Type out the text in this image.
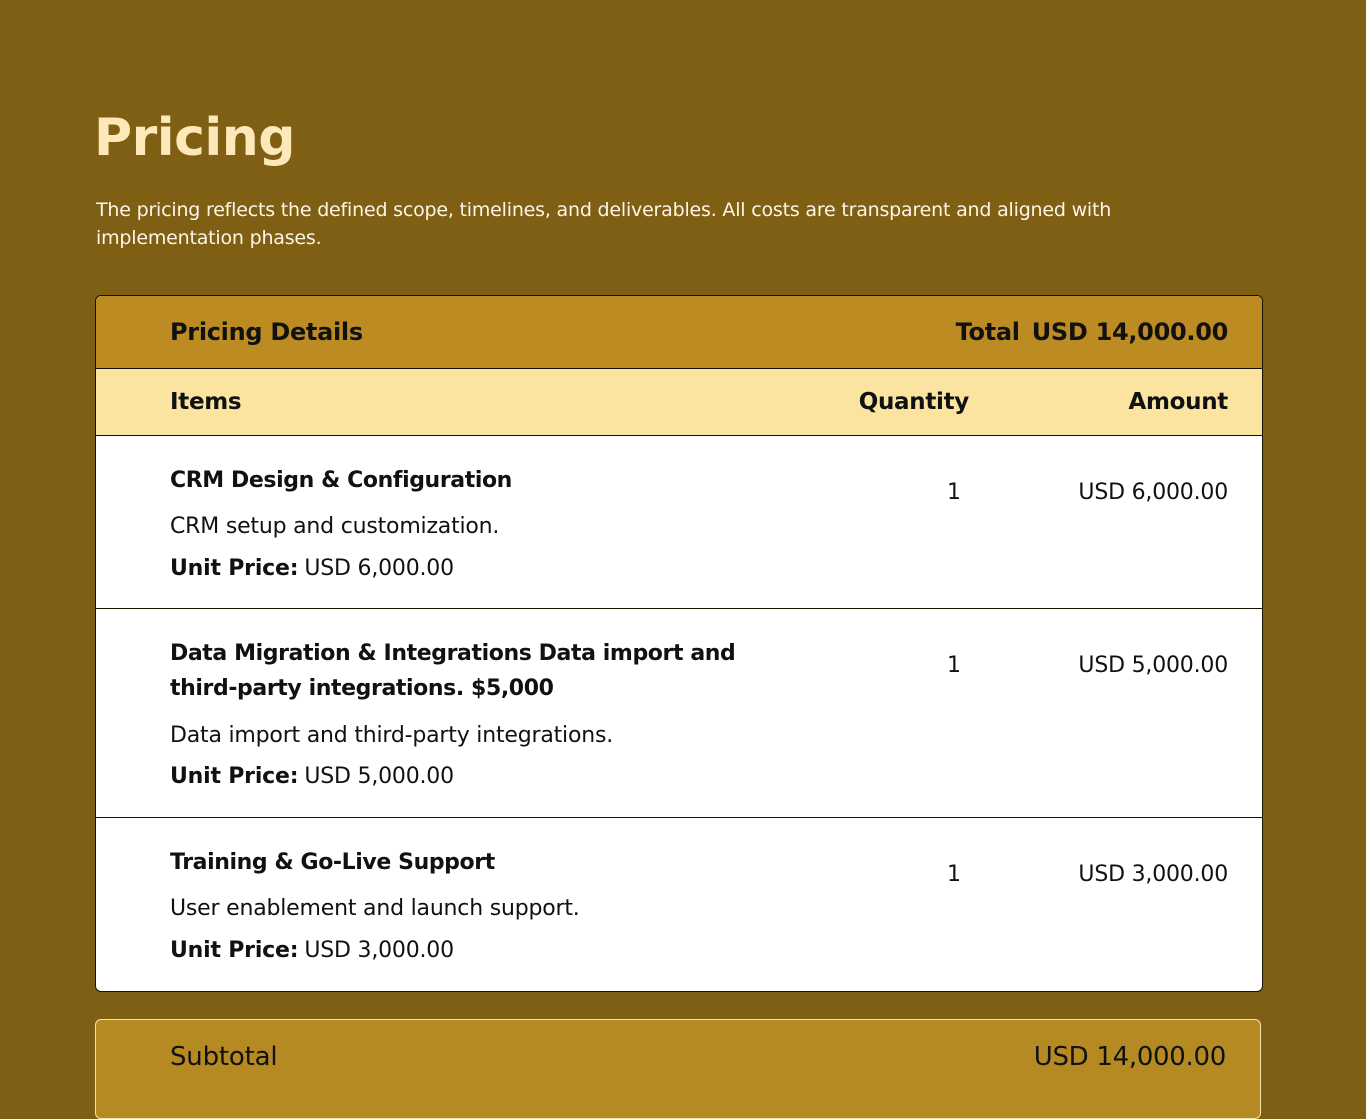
Pricing

The pricing reflects the defined scope, timelines, and deliverables. All costs are transparent and aligned with implementation phases.

Pricing Details	Total USD 14,000.00
Items	Quantity	Amount
CRM Design & Configuration
CRM setup and customization.
Unit Price: USD 6,000.00
1	USD 6,000.00
Data Migration & Integrations Data import and third-party integrations. $5,000
Data import and third-party integrations.
Unit Price: USD 5,000.00
1	USD 5,000.00
Training & Go-Live Support
User enablement and launch support.
Unit Price: USD 3,000.00
1	USD 3,000.00
Subtotal	USD 14,000.00
